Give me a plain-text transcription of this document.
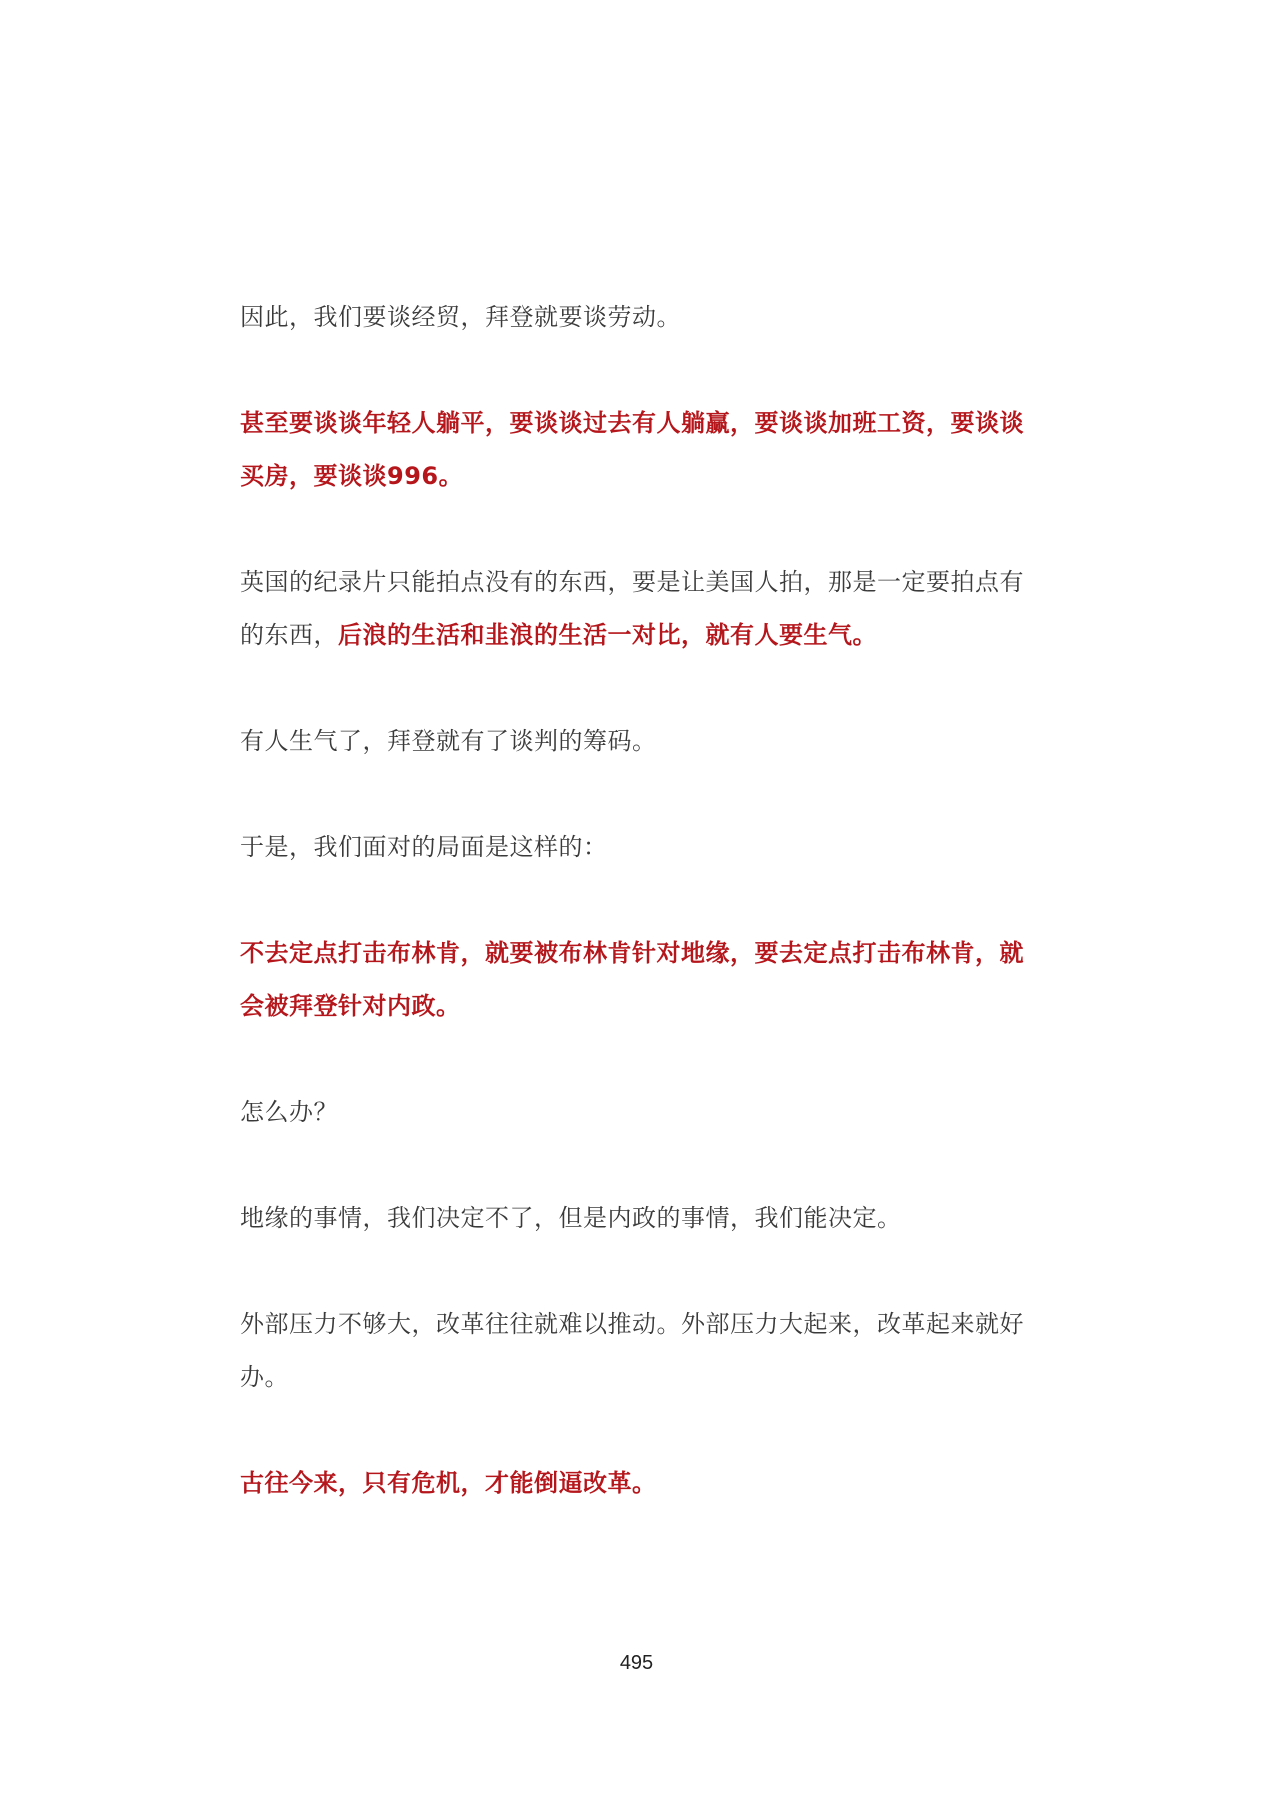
因此，我们要谈经贸，拜登就要谈劳动。

甚至要谈谈年轻人躺平，要谈谈过去有人躺赢，要谈谈加班工资，要谈谈买房，要谈谈996。

英国的纪录片只能拍点没有的东西，要是让美国人拍，那是一定要拍点有的东西，后浪的生活和韭浪的生活一对比，就有人要生气。

有人生气了，拜登就有了谈判的筹码。

于是，我们面对的局面是这样的：

不去定点打击布林肯，就要被布林肯针对地缘，要去定点打击布林肯，就会被拜登针对内政。

怎么办？

地缘的事情，我们决定不了，但是内政的事情，我们能决定。

外部压力不够大，改革往往就难以推动。外部压力大起来，改革起来就好办。

古往今来，只有危机，才能倒逼改革。

495
